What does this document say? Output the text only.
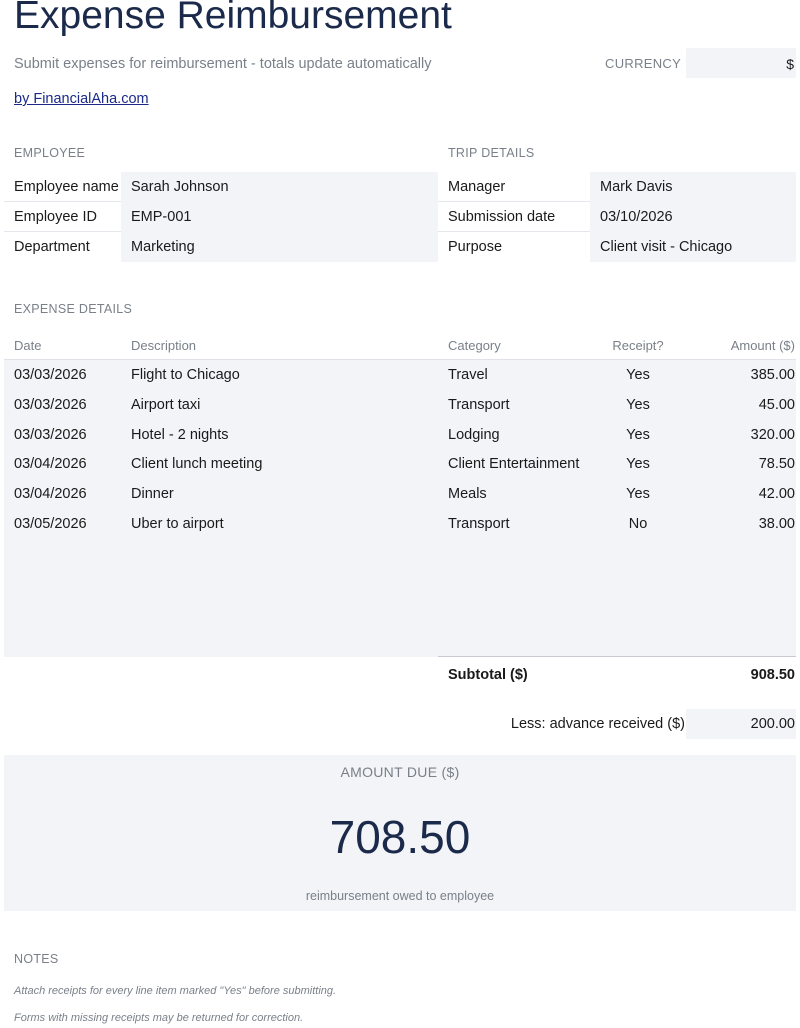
Expense Reimbursement
Submit expenses for reimbursement - totals update automatically	CURRENCY	$
by FinancialAha.com
EMPLOYEE
Employee name Sarah Johnson
Employee ID	EMP-001
Department	Marketing
TRIP DETAILS
Manager	Mark Davis
Submission date	03/10/2026
Purpose	Client visit - Chicago
EXPENSE DETAILS
Date	Description	Category	Receipt?	Amount ($)
03/03/2026	Flight to Chicago	Travel	Yes	385.00
03/03/2026	Airport taxi	Transport	Yes	45.00
03/03/2026	Hotel - 2 nights	Lodging	Yes	320.00
03/04/2026	Client lunch meeting	Client Entertainment	Yes	78.50
03/04/2026	Dinner	Meals	Yes	42.00
03/05/2026	Uber to airport	Transport	No	38.00
Subtotal ($)	908.50
Less: advance received ($)	200.00
AMOUNT DUE ($)
708.50
reimbursement owed to employee
NOTES
Attach receipts for every line item marked "Yes" before submitting.
Forms with missing receipts may be returned for correction.
